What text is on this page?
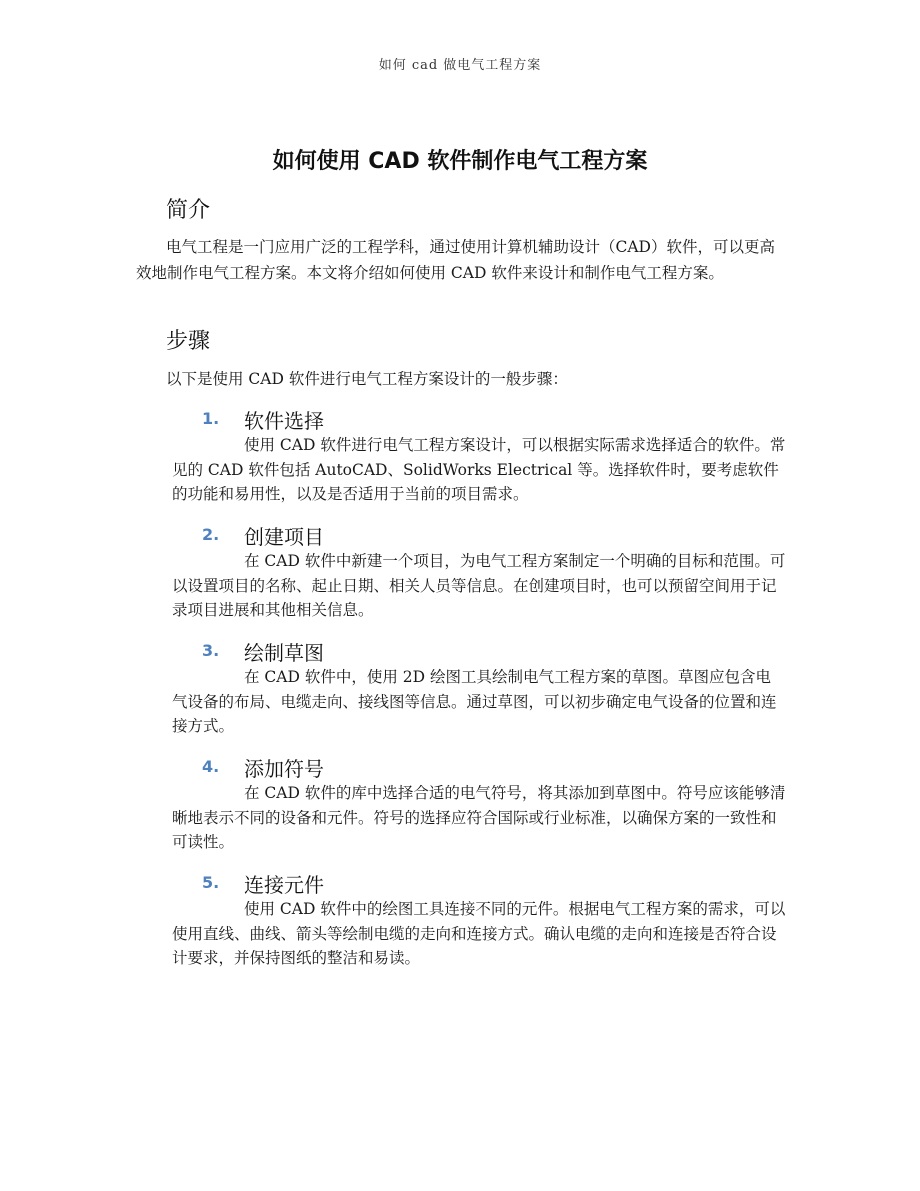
如何 cad 做电气工程方案
如何使用 CAD 软件制作电气工程方案
简介
电气工程是一门应用广泛的工程学科，通过使用计算机辅助设计（CAD）软件，可以更高效地制作电气工程方案。本文将介绍如何使用 CAD 软件来设计和制作电气工程方案。
步骤
以下是使用 CAD 软件进行电气工程方案设计的一般步骤：
1. 软件选择

使用 CAD 软件进行电气工程方案设计，可以根据实际需求选择适合的软件。常见的 CAD 软件包括 AutoCAD、SolidWorks Electrical 等。选择软件时，要考虑软件的功能和易用性，以及是否适用于当前的项目需求。

2. 创建项目

在 CAD 软件中新建一个项目，为电气工程方案制定一个明确的目标和范围。可以设置项目的名称、起止日期、相关人员等信息。在创建项目时，也可以预留空间用于记录项目进展和其他相关信息。

3. 绘制草图

在 CAD 软件中，使用 2D 绘图工具绘制电气工程方案的草图。草图应包含电气设备的布局、电缆走向、接线图等信息。通过草图，可以初步确定电气设备的位置和连接方式。

4. 添加符号

在 CAD 软件的库中选择合适的电气符号，将其添加到草图中。符号应该能够清晰地表示不同的设备和元件。符号的选择应符合国际或行业标准，以确保方案的一致性和可读性。

5. 连接元件

使用 CAD 软件中的绘图工具连接不同的元件。根据电气工程方案的需求，可以使用直线、曲线、箭头等绘制电缆的走向和连接方式。确认电缆的走向和连接是否符合设计要求，并保持图纸的整洁和易读。
